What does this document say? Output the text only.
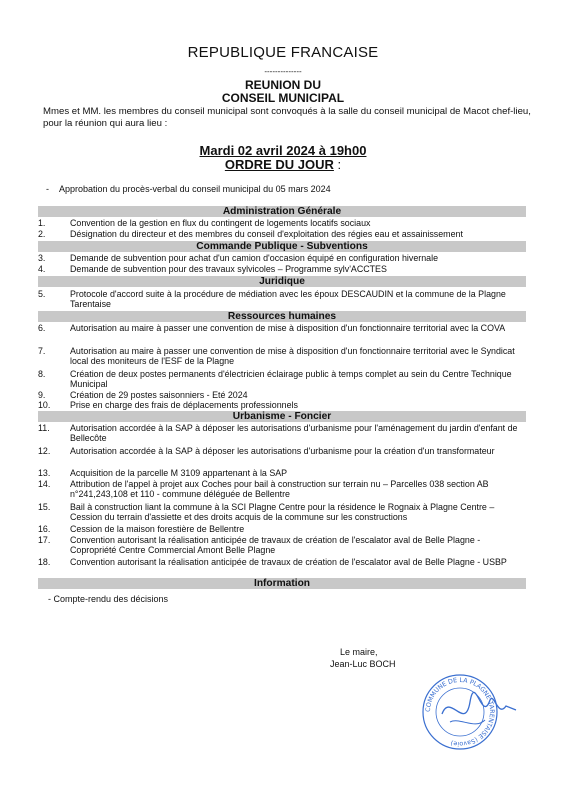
REPUBLIQUE FRANCAISE
--------------
REUNION DU
CONSEIL MUNICIPAL
Mmes et MM. les membres du conseil municipal sont convoqués à la salle du conseil municipal de Macot chef-lieu, pour la réunion qui aura lieu :
Mardi 02 avril 2024 à 19h00
ORDRE DU JOUR :
- Approbation du procès-verbal du conseil municipal du 05 mars 2024
Administration Générale
Commande Publique - Subventions
Juridique
Ressources humaines
Urbanisme - Foncier
Information
1.	Convention de la gestion en flux du contingent de logements locatifs sociaux
2.	Désignation du directeur et des membres du conseil d'exploitation des régies eau et assainissement
3.	Demande de subvention pour achat d'un camion d'occasion équipé en configuration hivernale
4.	Demande de subvention pour des travaux sylvicoles – Programme sylv'ACCTES
5.	Protocole d'accord suite à la procédure de médiation avec les époux DESCAUDIN et la commune de la Plagne Tarentaise
6.	Autorisation au maire à passer une convention de mise à disposition d'un fonctionnaire territorial avec la COVA
7.	Autorisation au maire à passer une convention de mise à disposition d'un fonctionnaire territorial avec le Syndicat local des moniteurs de l'ESF de la Plagne
8.	Création de deux postes permanents d'électricien éclairage public à temps complet au sein du Centre Technique Municipal
9.	Création de 29 postes saisonniers - Eté 2024
10.	Prise en charge des frais de déplacements professionnels
11.	Autorisation accordée à la SAP à déposer les autorisations d'urbanisme pour l'aménagement du jardin d'enfant de Bellecôte
12.	Autorisation accordée à la SAP à déposer les autorisations d'urbanisme pour la création d'un transformateur
13.	Acquisition de la parcelle M 3109 appartenant à la SAP
14.	Attribution de l'appel à projet aux Coches pour bail à construction sur terrain nu – Parcelles 038 section AB n°241,243,108 et 110 - commune déléguée de Bellentre
15.	Bail à construction liant la commune à la SCI Plagne Centre pour la résidence le Rognaix à Plagne Centre – Cession du terrain d'assiette et des droits acquis de la commune sur les constructions
16.	Cession de la maison forestière de Bellentre
17.	Convention autorisant la réalisation anticipée de travaux de création de l'escalator aval de Belle Plagne - Copropriété Centre Commercial Amont Belle Plagne
18.	Convention autorisant la réalisation anticipée de travaux de création de l'escalator aval de Belle Plagne - USBP
- Compte-rendu des décisions
Le maire,
Jean-Luc BOCH
COMMUNE DE LA PLAGNE TARENTAISE (Savoie)
